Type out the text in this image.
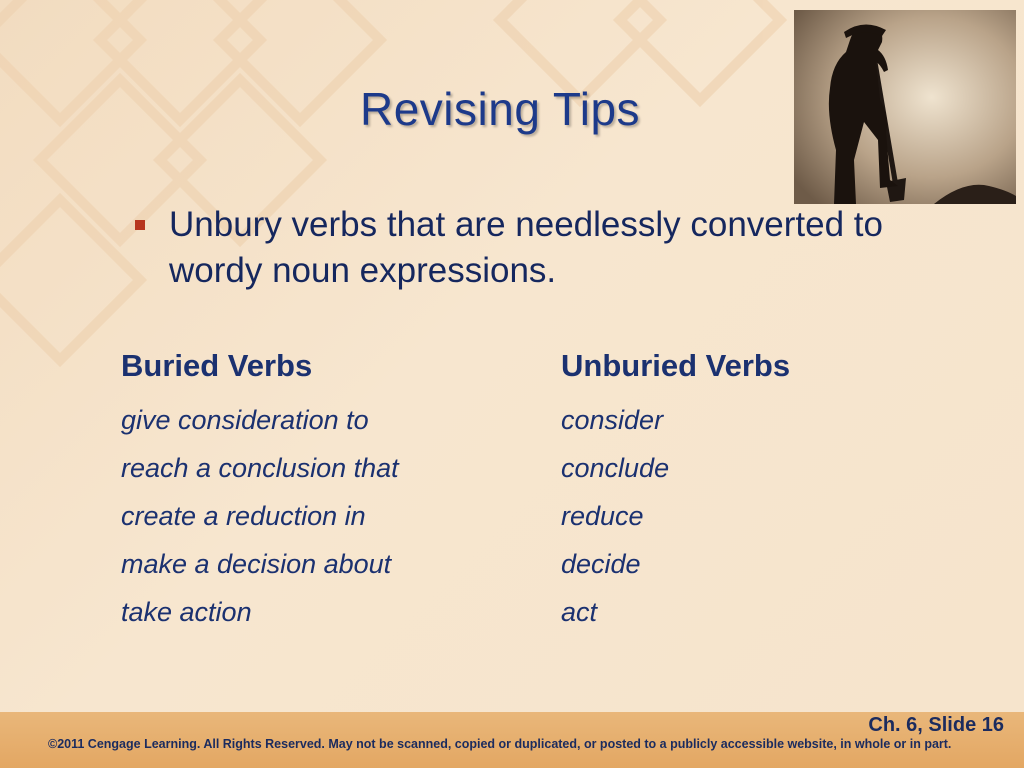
Revising Tips
Unbury verbs that are needlessly converted to wordy noun expressions.
Buried Verbs	Unburied Verbs
give consideration to	consider
reach a conclusion that	conclude
create a reduction in	reduce
make a decision about	decide
take action	act
Ch. 6, Slide 16
©2011 Cengage Learning. All Rights Reserved. May not be scanned, copied or duplicated, or posted to a publicly accessible website, in whole or in part.
